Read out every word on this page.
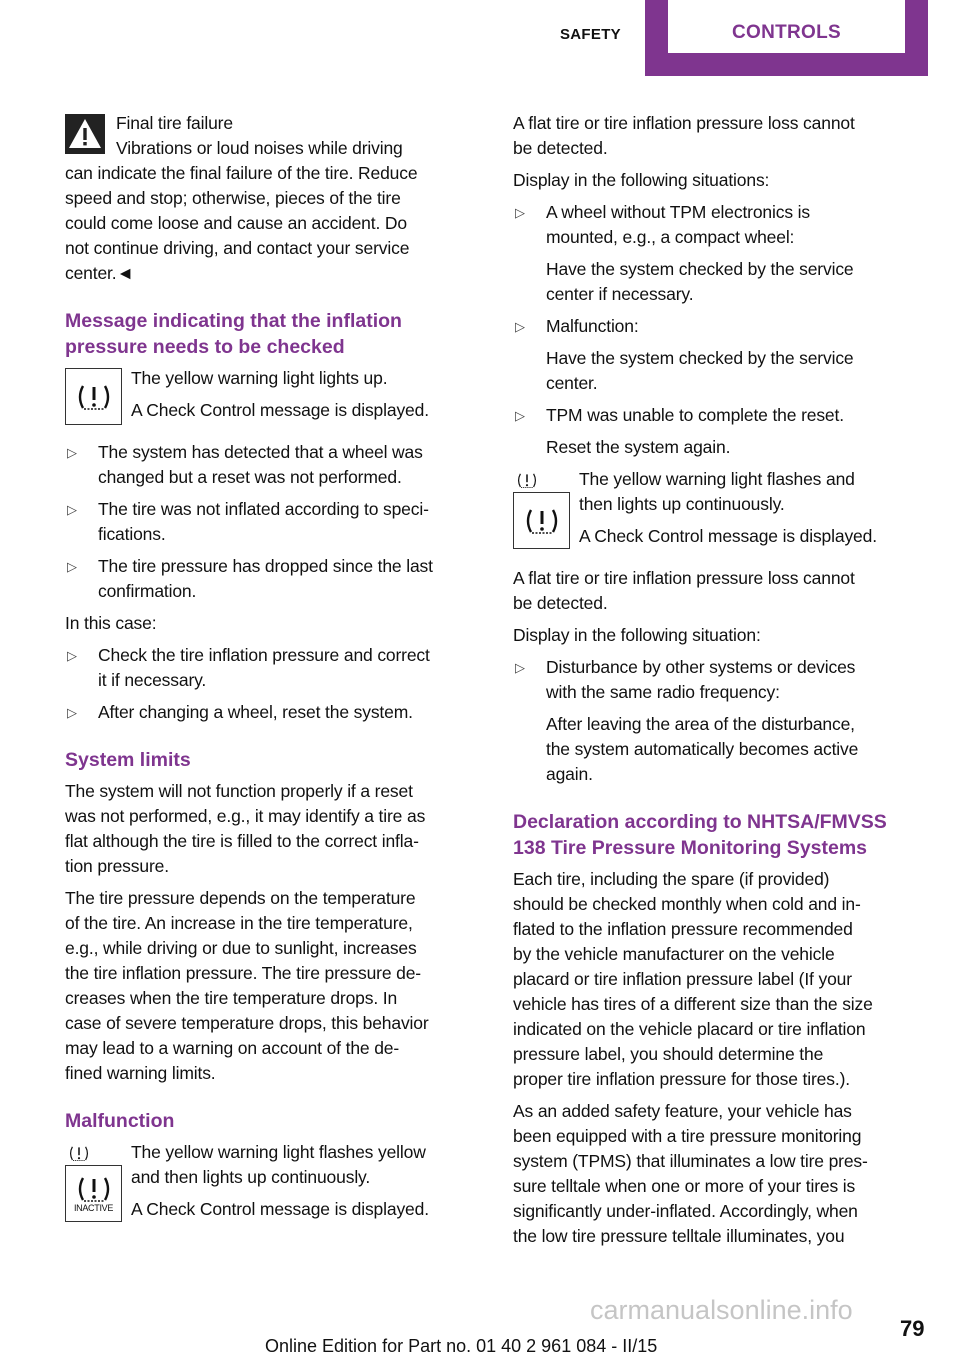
SAFETY	CONTROLS
Final tire failure
Vibrations or loud noises while driving
can indicate the final failure of the tire. Reduce
speed and stop; otherwise, pieces of the tire
could come loose and cause an accident. Do
not continue driving, and contact your service
center.◄
Message indicating that the inflation
pressure needs to be checked
The yellow warning light lights up.
A Check Control message is displayed.
▷ The system has detected that a wheel was
changed but a reset was not performed.
▷ The tire was not inflated according to speci-
fications.
▷ The tire pressure has dropped since the last
confirmation.
In this case:
▷ Check the tire inflation pressure and correct
it if necessary.
▷ After changing a wheel, reset the system.
System limits
The system will not function properly if a reset
was not performed, e.g., it may identify a tire as
flat although the tire is filled to the correct infla-
tion pressure.
The tire pressure depends on the temperature
of the tire. An increase in the tire temperature,
e.g., while driving or due to sunlight, increases
the tire inflation pressure. The tire pressure de-
creases when the tire temperature drops. In
case of severe temperature drops, this behavior
may lead to a warning on account of the de-
fined warning limits.
Malfunction
INACTIVE
The yellow warning light flashes yellow
and then lights up continuously.
A Check Control message is displayed.
A flat tire or tire inflation pressure loss cannot
be detected.
Display in the following situations:
▷ A wheel without TPM electronics is
mounted, e.g., a compact wheel:
Have the system checked by the service
center if necessary.
▷ Malfunction:
Have the system checked by the service
center.
▷ TPM was unable to complete the reset.
Reset the system again.
The yellow warning light flashes and
then lights up continuously.
A Check Control message is displayed.
A flat tire or tire inflation pressure loss cannot
be detected.
Display in the following situation:
▷ Disturbance by other systems or devices
with the same radio frequency:
After leaving the area of the disturbance,
the system automatically becomes active
again.
Declaration according to NHTSA/FMVSS
138 Tire Pressure Monitoring Systems
Each tire, including the spare (if provided)
should be checked monthly when cold and in-
flated to the inflation pressure recommended
by the vehicle manufacturer on the vehicle
placard or tire inflation pressure label (If your
vehicle has tires of a different size than the size
indicated on the vehicle placard or tire inflation
pressure label, you should determine the
proper tire inflation pressure for those tires.).
As an added safety feature, your vehicle has
been equipped with a tire pressure monitoring
system (TPMS) that illuminates a low tire pres-
sure telltale when one or more of your tires is
significantly under-inflated. Accordingly, when
the low tire pressure telltale illuminates, you
carmanualsonline.info
Online Edition for Part no. 01 40 2 961 084 - II/15
79
